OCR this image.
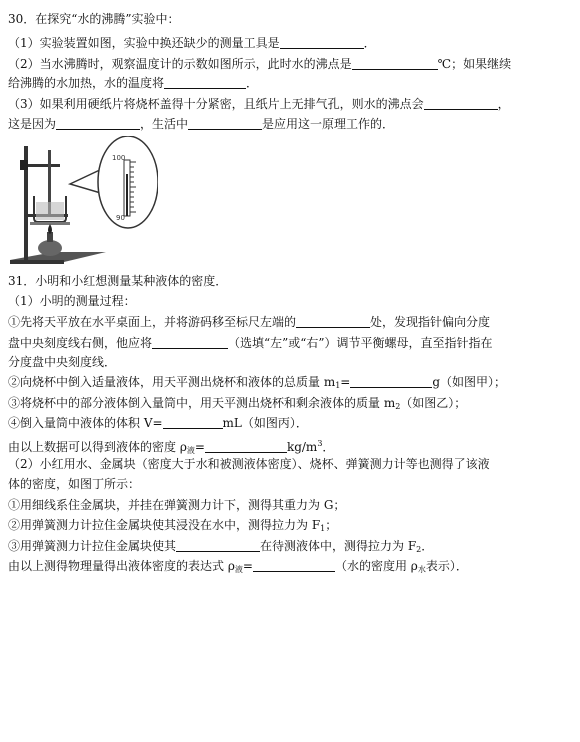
30．在探究“水的沸腾”实验中：
（1）实验装置如图，实验中换还缺少的测量工具是	．
（2）当水沸腾时，观察温度计的示数如图所示，此时水的沸点是	℃；如果继续
给沸腾的水加热，水的温度将	．
（3）如果利用硬纸片将烧杯盖得十分紧密，且纸片上无排气孔，则水的沸点会	，
这是因为	，生活中	是应用这一原理工作的．
100
90
31．小明和小红想测量某种液体的密度．
（1）小明的测量过程：
①先将天平放在水平桌面上，并将游码移至标尺左端的	处，发现指针偏向分度
盘中央刻度线右侧，他应将	（选填“左”或“右”）调节平衡螺母，直至指针指在
分度盘中央刻度线．
②向烧杯中倒入适量液体，用天平测出烧杯和液体的总质量 $m_1=$	g（如图甲）；
③将烧杯中的部分液体倒入量筒中，用天平测出烧杯和剩余液体的质量 $m_2$（如图乙）；
④倒入量筒中液体的体积 V=	mL（如图丙）．
由以上数据可以得到液体的密度 $\rho_液=$	$kg/m^3$．
（2）小红用水、金属块（密度大于水和被测液体密度）、烧杯、弹簧测力计等也测得了该液
体的密度，如图丁所示：
①用细线系住金属块，并挂在弹簧测力计下，测得其重力为 G；
②用弹簧测力计拉住金属块使其浸没在水中，测得拉力为 $F_1$；
③用弹簧测力计拉住金属块使其	在待测液体中，测得拉力为 $F_2$．
由以上测得物理量得出液体密度的表达式 $\rho_液=$	（水的密度用 $\rho_水$表示）．
